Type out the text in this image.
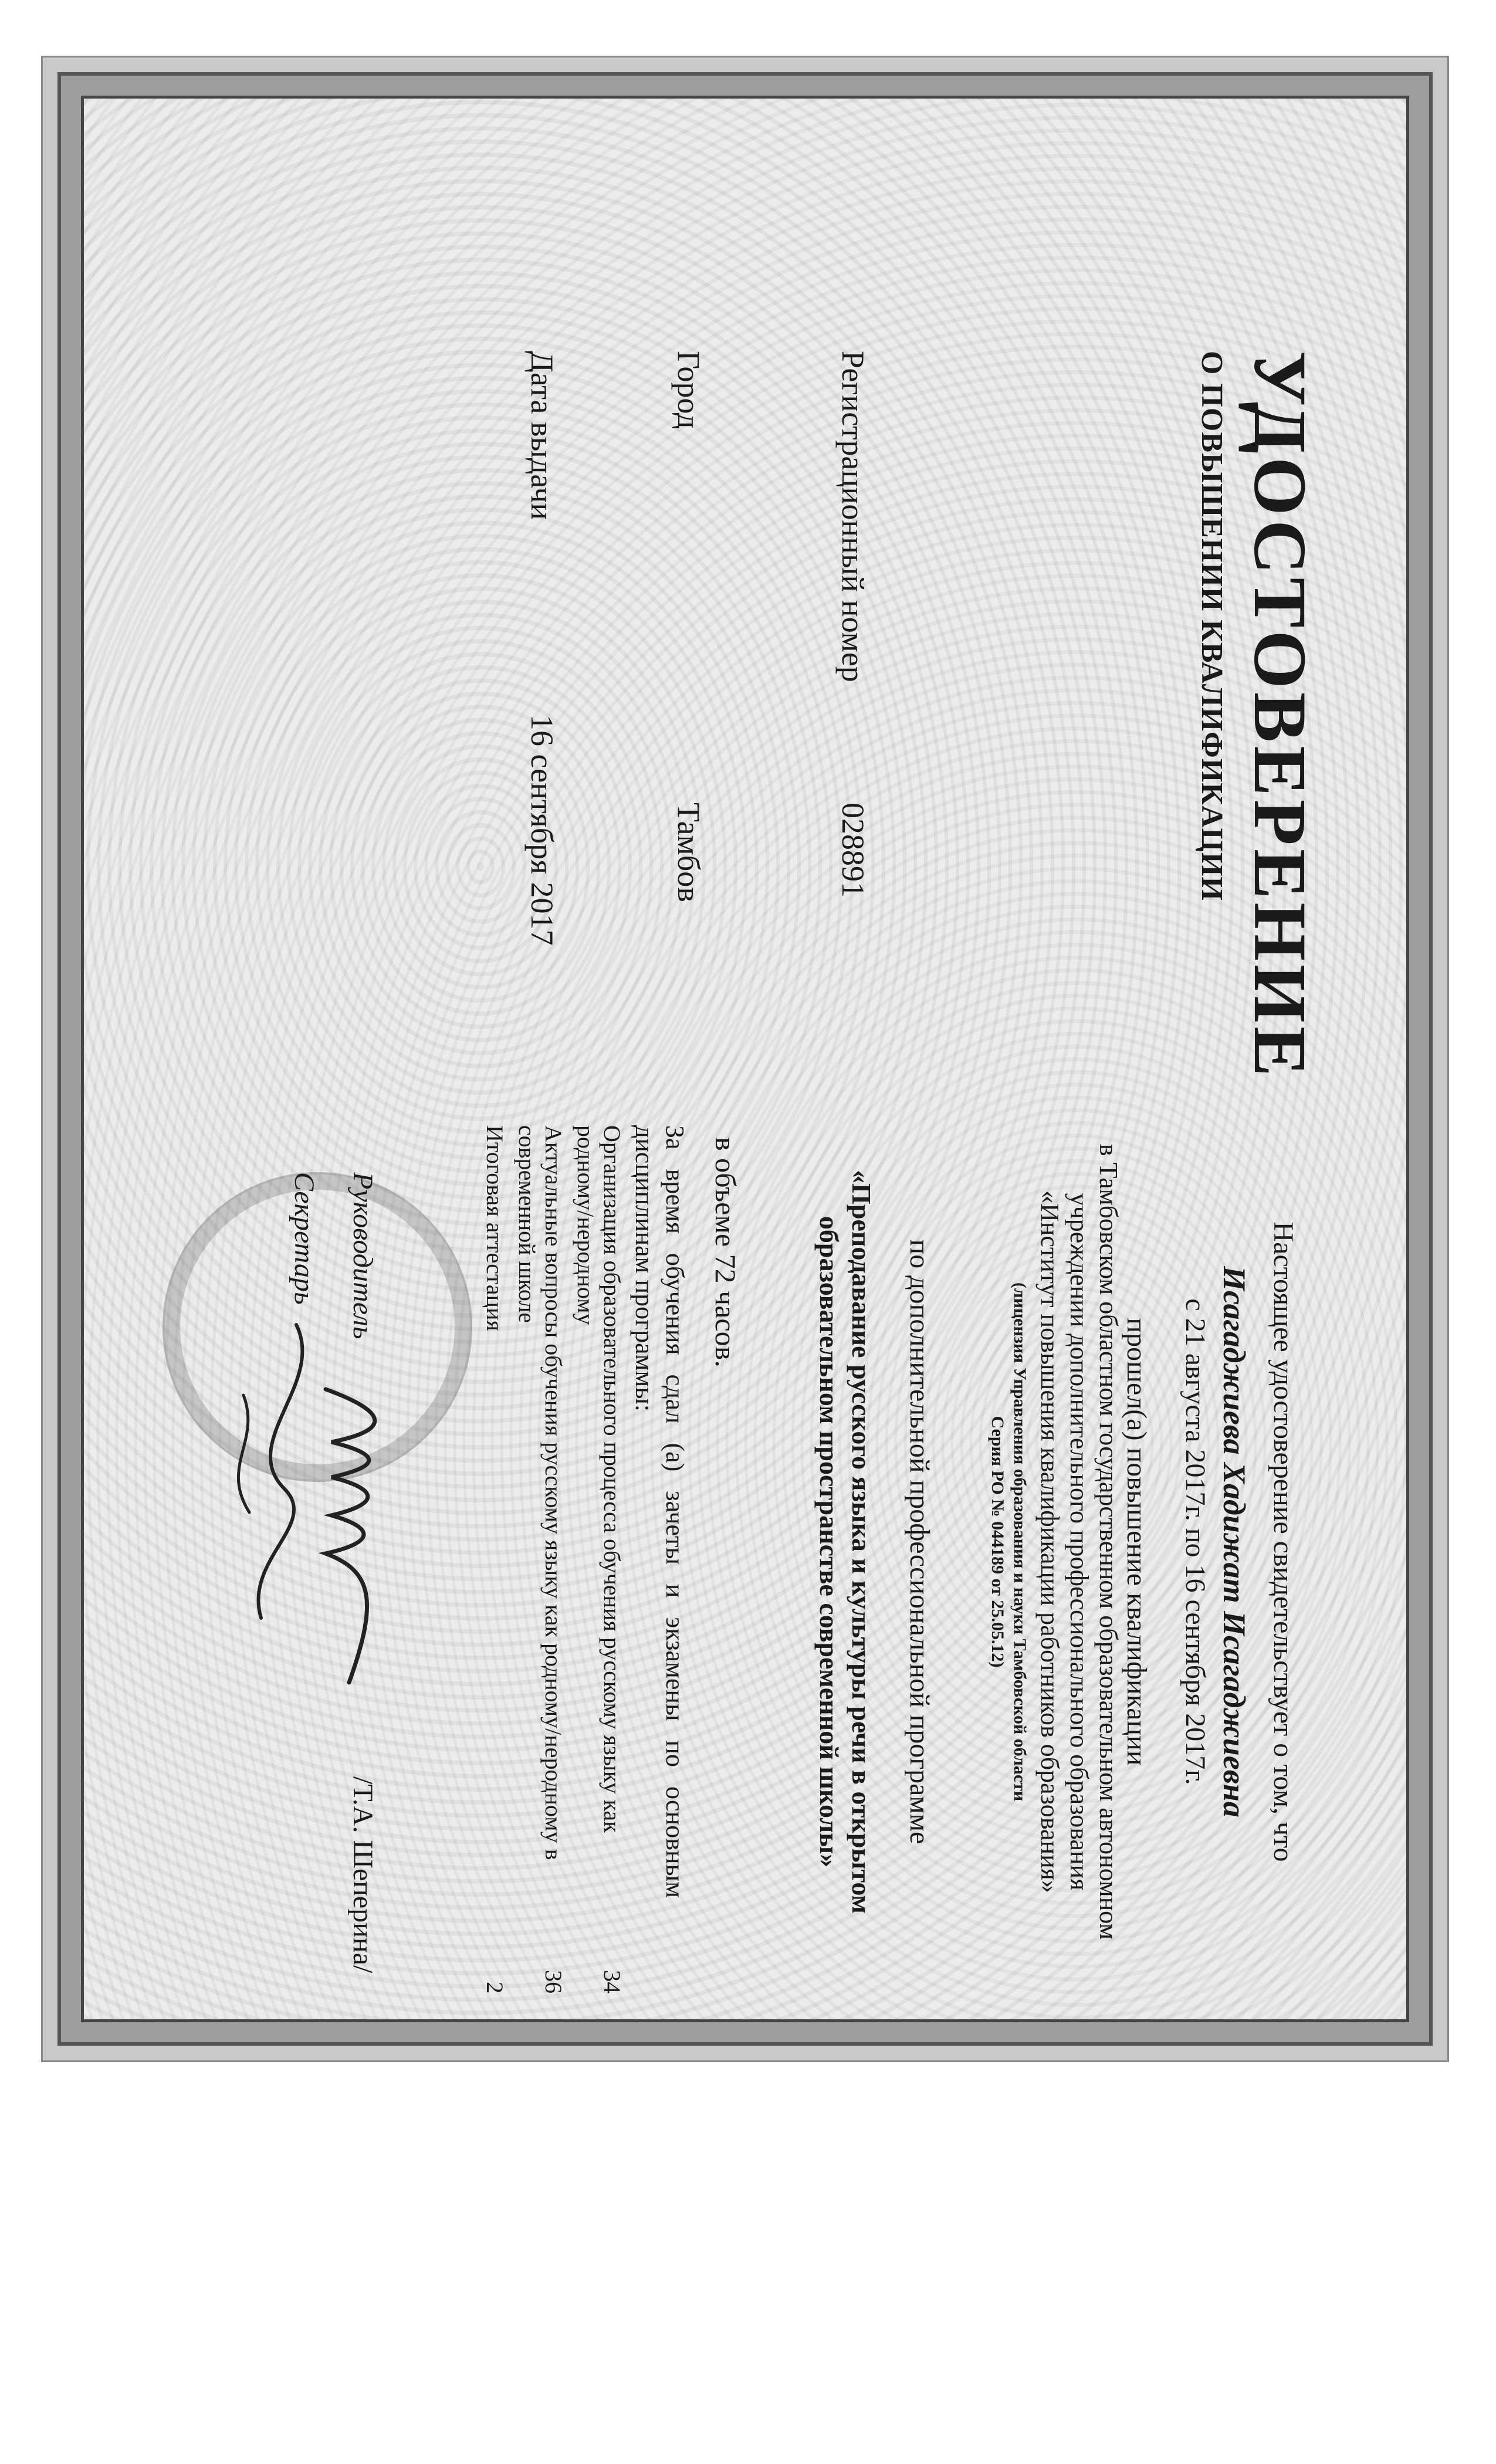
УДОСТОВЕРЕНИЕ
О ПОВЫШЕНИИ КВАЛИФИКАЦИИ
Регистрационный номер
028891
Город
Тамбов
Дата выдачи
16 сентября 2017
Настоящее удостоверение свидетельствует о том, что
Исагаджиева Хадижат Исагаджиевна
с 21 августа 2017г. по 16 сентября 2017г.
прошел(а) повышение квалификации
в Тамбовском областном государственном образовательном автономном
учреждении дополнительного профессионального образования
«Институт повышения квалификации работников образования»
(лицензия Управления образования и науки Тамбовской области
Серия РО № 044189 от 25.05.12)
по дополнительной профессиональной программе
«Преподавание русского языка и культуры речи в открытом
образовательном пространстве современной школы»
в объеме 72 часов.
За время обучения сдал (а) зачеты и экзамены по основным
дисциплинам программы:
Организация образовательного процесса обучения русскому языку как родному/неродному
34
Актуальные вопросы обучения русскому языку как родному/неродному в современной школе
36
Итоговая аттестация
2
Руководитель
/Т.А. Шеперина/
Секретарь
